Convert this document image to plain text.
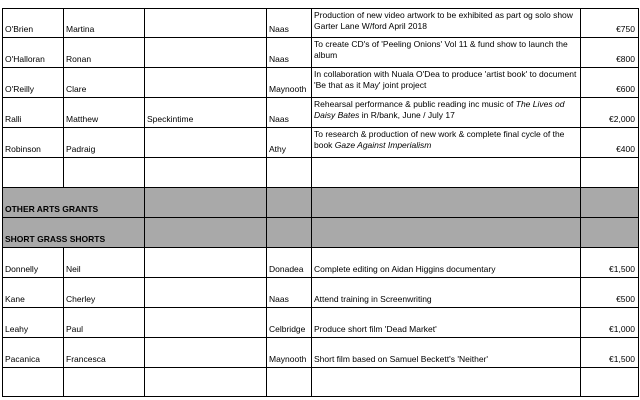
O'Brien	Martina		Naas	Production of new video artwork to be exhibited as part og solo show Garter Lane W/ford April 2018	€750

O'Halloran	Ronan		Naas	To create CD's of 'Peeling Onions' Vol 11 & fund show to launch the album	€800

O'Reilly	Clare		Maynooth	In collaboration with Nuala O'Dea to produce 'artist book' to document 'Be that as it May' joint project	€600

Ralli	Matthew	Speckintime	Naas	Rehearsal performance & public reading inc music of The Lives od Daisy Bates in R/bank, June / July 17	€2,000

Robinson	Padraig		Athy	To research & production of new work & complete final cycle of the book Gaze Against Imperialism	€400

OTHER ARTS GRANTS					

SHORT GRASS SHORTS					

Donnelly	Neil		Donadea	Complete editing on Aidan Higgins documentary	€1,500

Kane	Cherley		Naas	Attend training in Screenwriting	€500

Leahy	Paul		Celbridge	Produce short film 'Dead Market'	€1,000

Pacanica	Francesca		Maynooth	Short film based on Samuel Beckett's 'Neither'	€1,500
